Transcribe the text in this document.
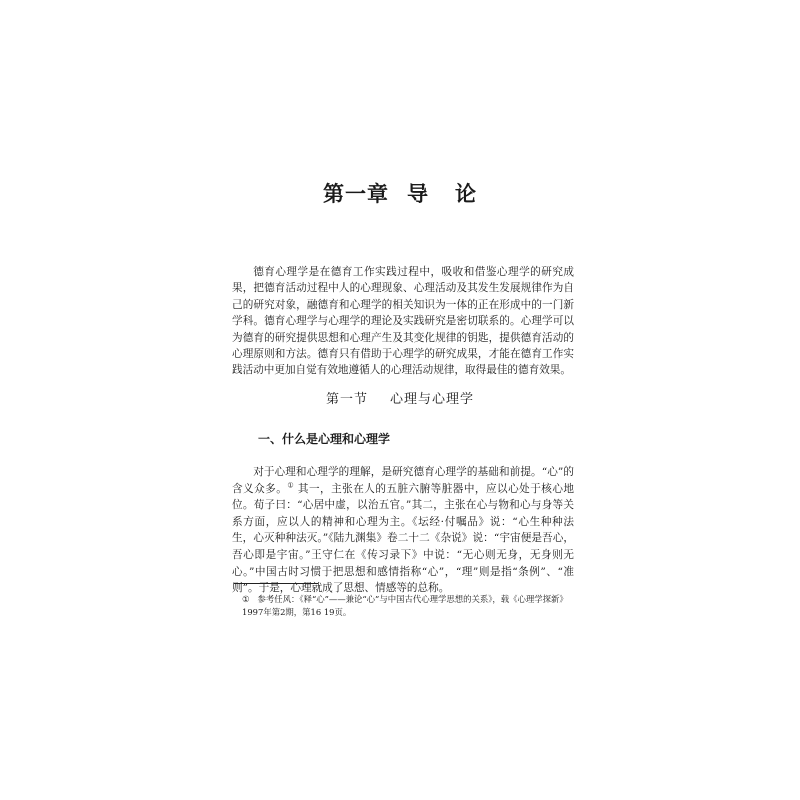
第一章 导 论

德育心理学是在德育工作实践过程中，吸收和借鉴心理学的研究成果，把德育活动过程中人的心理现象、心理活动及其发生发展规律作为自己的研究对象，融德育和心理学的相关知识为一体的正在形成中的一门新学科。德育心理学与心理学的理论及实践研究是密切联系的。心理学可以为德育的研究提供思想和心理产生及其变化规律的钥匙，提供德育活动的心理原则和方法。德育只有借助于心理学的研究成果，才能在德育工作实践活动中更加自觉有效地遵循人的心理活动规律，取得最佳的德育效果。

第一节 心理与心理学
一、什么是心理和心理学

对于心理和心理学的理解，是研究德育心理学的基础和前提。“心”的含义众多。① 其一，主张在人的五脏六腑等脏器中，应以心处于核心地位。荀子曰：“心居中虚，以治五官。”其二，主张在心与物和心与身等关系方面，应以人的精神和心理为主。《坛经·付嘱品》说：“心生种种法生，心灭种种法灭。”《陆九渊集》卷二十二《杂说》说：“宇宙便是吾心，吾心即是宇宙。”王守仁在《传习录下》中说：“无心则无身，无身则无心。”中国古时习惯于把思想和感情指称“心”，“理”则是指“条例”、“准则”。于是，心理就成了思想、情感等的总称。

① 参考任风：《释“心”——兼论“心”与中国古代心理学思想的关系》，载《心理学探新》1997年第2期，第16 19页。
